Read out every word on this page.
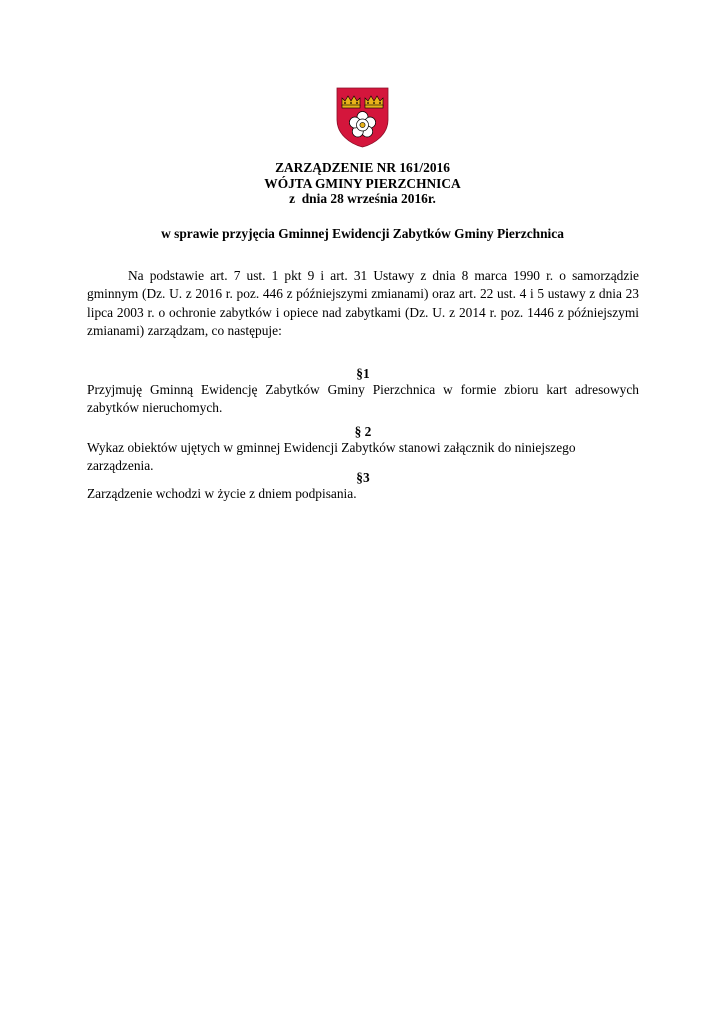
ZARZĄDZENIE NR 161/2016
WÓJTA GMINY PIERZCHNICA
z  dnia 28 września 2016r.
w sprawie przyjęcia Gminnej Ewidencji Zabytków Gminy Pierzchnica
Na podstawie art. 7 ust. 1 pkt 9 i art. 31 Ustawy z dnia 8 marca 1990 r. o samorządzie gminnym (Dz. U. z 2016 r. poz. 446 z późniejszymi zmianami) oraz art. 22 ust. 4 i 5 ustawy z dnia 23 lipca 2003 r. o ochronie zabytków i opiece nad zabytkami (Dz. U. z 2014 r. poz. 1446 z późniejszymi zmianami) zarządzam, co następuje:
§1
Przyjmuję Gminną Ewidencję Zabytków Gminy Pierzchnica w formie zbioru kart adresowych
zabytków nieruchomych.
§ 2
Wykaz obiektów ujętych w gminnej Ewidencji Zabytków stanowi załącznik do niniejszego zarządzenia.
§3
Zarządzenie wchodzi w życie z dniem podpisania.
